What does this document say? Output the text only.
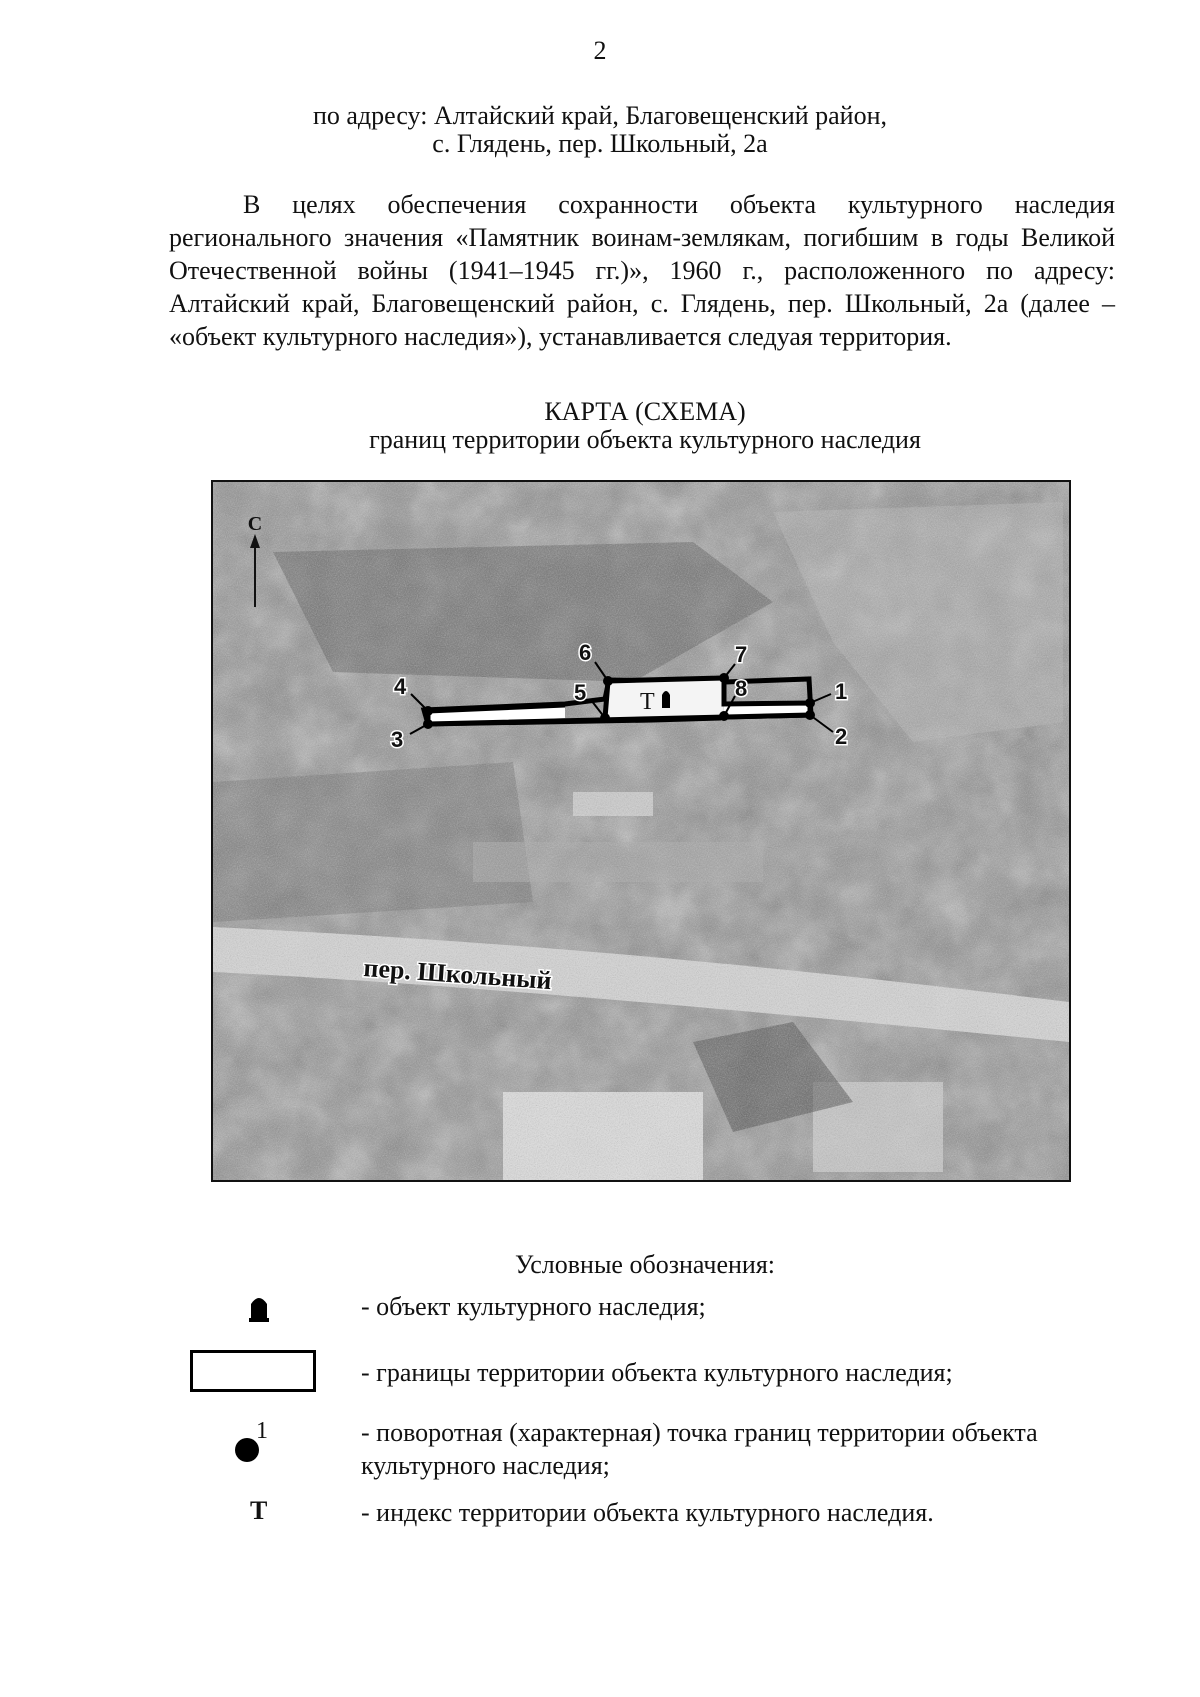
2
по адресу: Алтайский край, Благовещенский район,
с. Глядень, пер. Школьный, 2а

В целях обеспечения сохранности объекта культурного наследия регионального значения «Памятник воинам-землякам, погибшим в годы Великой Отечественной войны (1941–1945 гг.)», 1960 г., расположенного по адресу: Алтайский край, Благовещенский район, с. Глядень, пер. Школьный, 2а (далее – «объект культурного наследия»), устанавливается следуая территория.

КАРТА (СХЕМА)
границ территории объекта культурного наследия
С
Т	1
2
3
4	5
6	7
8
пер. Школьный
Условные обозначения:
- объект культурного наследия;
- границы территории объекта культурного наследия;
1	- поворотная (характерная) точка границ территории объекта культурного наследия;
Т	- индекс территории объекта культурного наследия.
